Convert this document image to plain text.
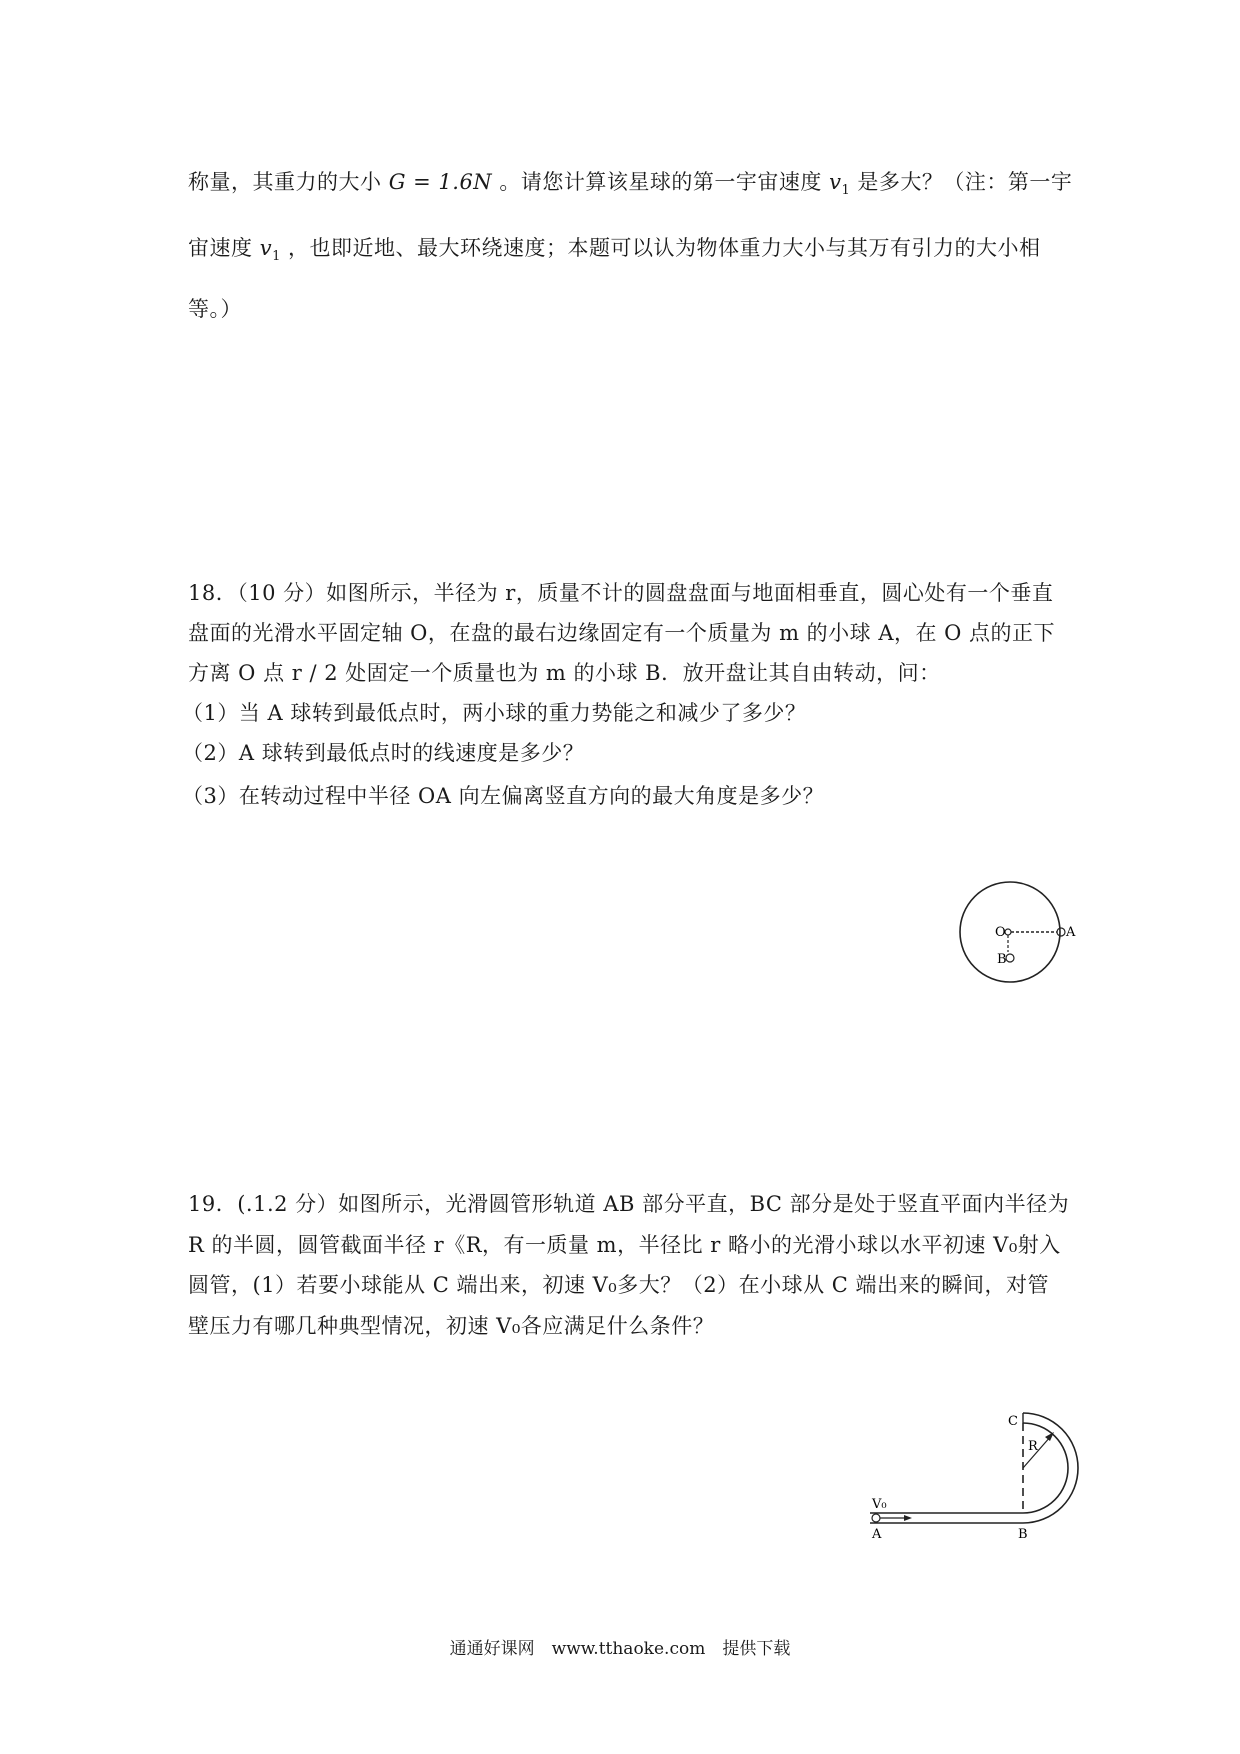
称量，其重力的大小 G = 1.6N 。请您计算该星球的第一宇宙速度 $v_1$ 是多大？（注：第一宇
宙速度 $v_1$ ，也即近地、最大环绕速度；本题可以认为物体重力大小与其万有引力的大小相
等。）
18．（10 分）如图所示，半径为 r，质量不计的圆盘盘面与地面相垂直，圆心处有一个垂直
盘面的光滑水平固定轴 O，在盘的最右边缘固定有一个质量为 m 的小球 A，在 O 点的正下
方离 O 点 r / 2 处固定一个质量也为 m 的小球 B．放开盘让其自由转动，问：
（1）当 A 球转到最低点时，两小球的重力势能之和减少了多少？
（2）A 球转到最低点时的线速度是多少？
（3）在转动过程中半径 OA 向左偏离竖直方向的最大角度是多少？
O	A
B
19．(.1.2 分）如图所示，光滑圆管形轨道 AB 部分平直，BC 部分是处于竖直平面内半径为
R 的半圆，圆管截面半径 r《R，有一质量 m，半径比 r 略小的光滑小球以水平初速 V₀射入
圆管，(1）若要小球能从 C 端出来，初速 V₀多大？（2）在小球从 C 端出来的瞬间，对管
壁压力有哪几种典型情况，初速 V₀各应满足什么条件？
C
R
V₀
A	B
通通好课网　www.tthaoke.com　提供下载
